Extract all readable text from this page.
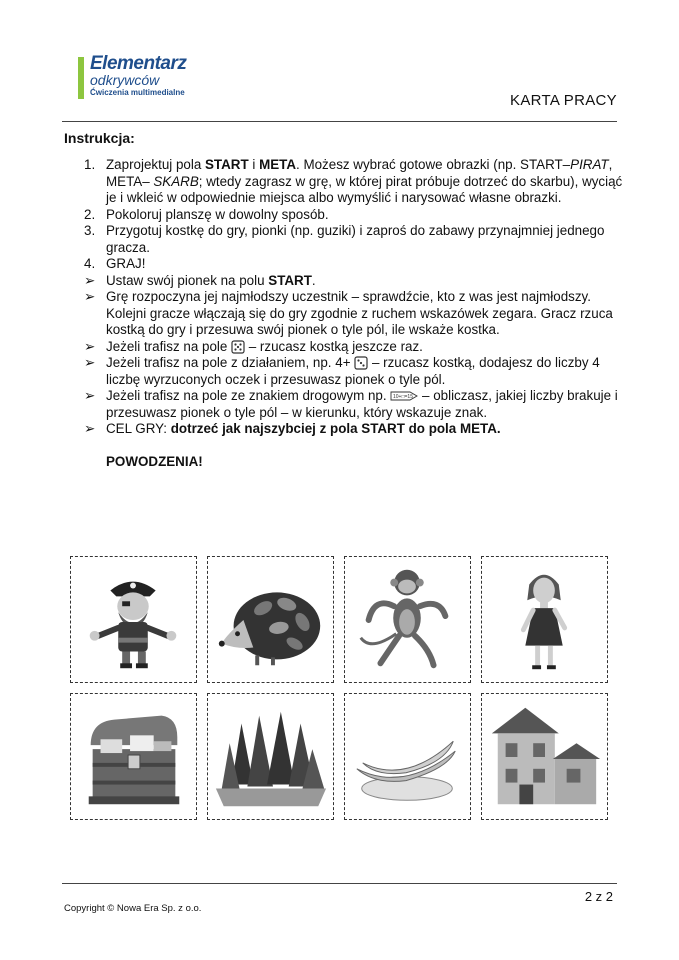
Elementarz
odkrywców
Ćwiczenia multimedialne	KARTA PRACY
Instrukcja:
1. Zaprojektuj pola START i META. Możesz wybrać gotowe obrazki (np. START–PIRAT, META– SKARB; wtedy zagrasz w grę, w której pirat próbuje dotrzeć do skarbu), wyciąć je i wkleić w odpowiednie miejsca albo wymyślić i narysować własne obrazki.
2. Pokoloruj planszę w dowolny sposób.
3. Przygotuj kostkę do gry, pionki (np. guziki) i zaproś do zabawy przynajmniej jednego gracza.
4. GRAJ!
➢ Ustaw swój pionek na polu START.
➢ Grę rozpoczyna jej najmłodszy uczestnik – sprawdźcie, kto z was jest najmłodszy. Kolejni gracze włączają się do gry zgodnie z ruchem wskazówek zegara. Gracz rzuca kostką do gry i przesuwa swój pionek o tyle pól, ile wskaże kostka.
➢ Jeżeli trafisz na pole  – rzucasz kostką jeszcze raz.
➢ Jeżeli trafisz na pole z działaniem, np. 4+  – rzucasz kostką, dodajesz do liczby 4 liczbę wyrzuconych oczek i przesuwasz pionek o tyle pól.
➢ Jeżeli trafisz na pole ze znakiem drogowym np. 10+□=15 – obliczasz, jakiej liczby brakuje i przesuwasz pionek o tyle pól – w kierunku, który wskazuje znak.
➢ CEL GRY: dotrzeć jak najszybciej z pola START do pola META.
POWODZENIA!
2 z 2
Copyright © Nowa Era Sp. z o.o.
